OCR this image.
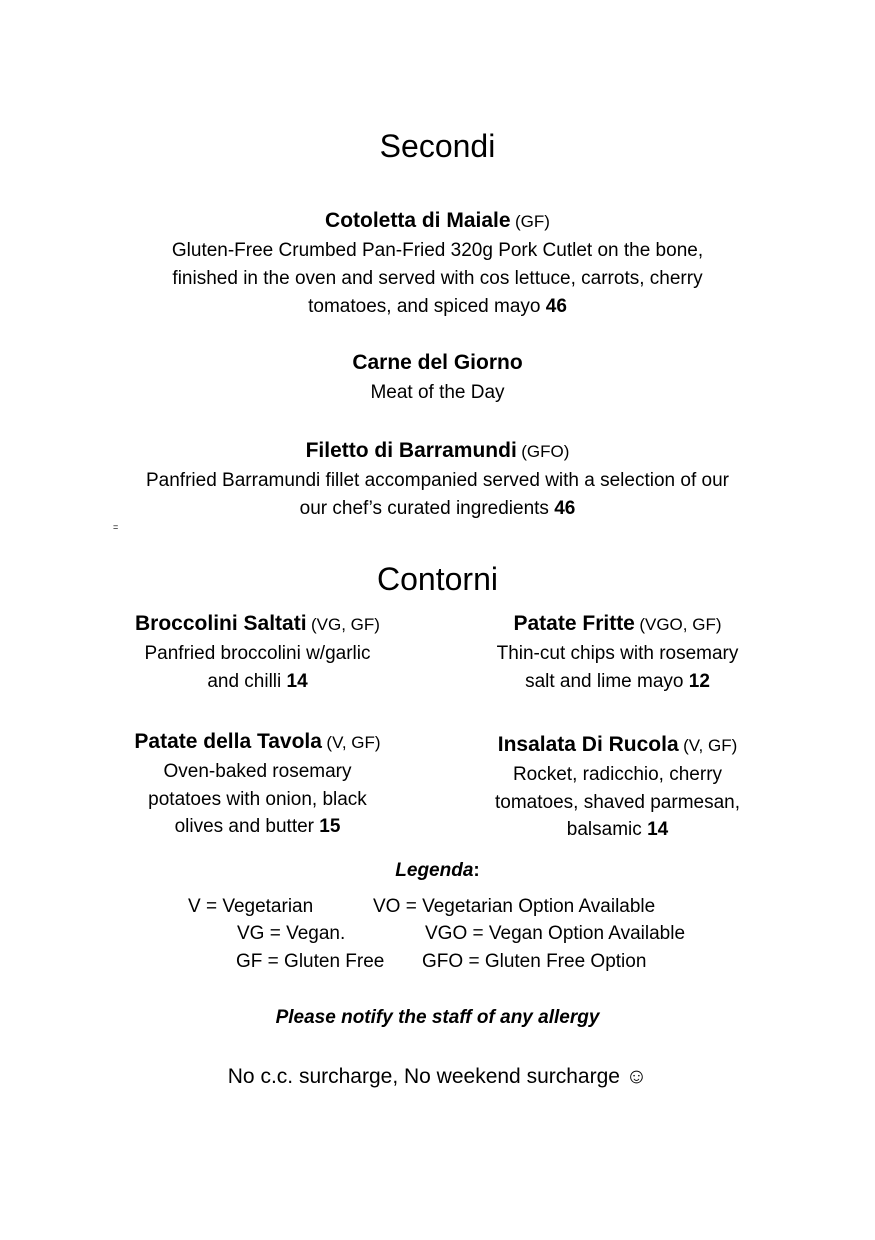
Secondi
Cotoletta di Maiale (GF)
Gluten-Free Crumbed Pan-Fried 320g Pork Cutlet on the bone,
finished in the oven and served with cos lettuce, carrots, cherry
tomatoes, and spiced mayo 46
Carne del Giorno
Meat of the Day
Filetto di Barramundi (GFO)
Panfried Barramundi fillet accompanied served with a selection of our
our chef’s curated ingredients 46
=
Contorni
Broccolini Saltati (VG, GF)
Panfried broccolini w/garlic
and chilli 14
Patate Fritte (VGO, GF)
Thin-cut chips with rosemary
salt and lime mayo 12
Patate della Tavola (V, GF)
Oven-baked rosemary
potatoes with onion, black
olives and butter 15
Insalata Di Rucola (V, GF)
Rocket, radicchio, cherry
tomatoes, shaved parmesan,
balsamic 14
Legenda:
V = Vegetarian	VO = Vegetarian Option Available
VG = Vegan.	VGO = Vegan Option Available
GF = Gluten Free GFO = Gluten Free Option
Please notify the staff of any allergy
No c.c. surcharge, No weekend surcharge ☺
